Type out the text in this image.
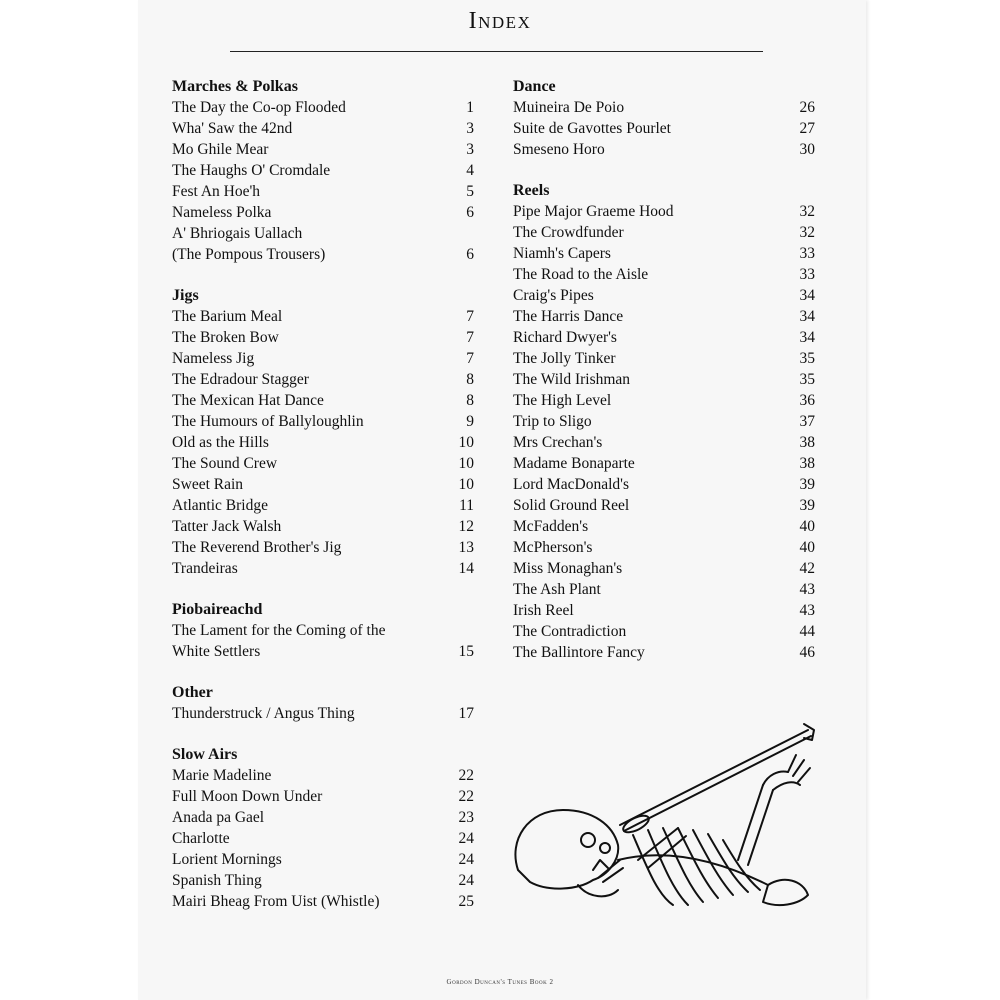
Index
Marches & Polkas
The Day the Co-op Flooded	1
Wha' Saw the 42nd	3
Mo Ghile Mear	3
The Haughs O' Cromdale	4
Fest An Hoe'h	5
Nameless Polka	6
A' Bhriogais Uallach
(The Pompous Trousers)	6
Jigs
The Barium Meal	7
The Broken Bow	7
Nameless Jig	7
The Edradour Stagger	8
The Mexican Hat Dance	8
The Humours of Ballyloughlin	9
Old as the Hills	10
The Sound Crew	10
Sweet Rain	10
Atlantic Bridge	11
Tatter Jack Walsh	12
The Reverend Brother's Jig	13
Trandeiras	14
Piobaireachd
The Lament for the Coming of the
White Settlers	15
Other
Thunderstruck / Angus Thing	17
Slow Airs
Marie Madeline	22
Full Moon Down Under	22
Anada pa Gael	23
Charlotte	24
Lorient Mornings	24
Spanish Thing	24
Mairi Bheag From Uist (Whistle)	25
Dance
Muineira De Poio	26
Suite de Gavottes Pourlet	27
Smeseno Horo	30
Reels
Pipe Major Graeme Hood	32
The Crowdfunder	32
Niamh's Capers	33
The Road to the Aisle	33
Craig's Pipes	34
The Harris Dance	34
Richard Dwyer's	34
The Jolly Tinker	35
The Wild Irishman	35
The High Level	36
Trip to Sligo	37
Mrs Crechan's	38
Madame Bonaparte	38
Lord MacDonald's	39
Solid Ground Reel	39
McFadden's	40
McPherson's	40
Miss Monaghan's	42
The Ash Plant	43
Irish Reel	43
The Contradiction	44
The Ballintore Fancy	46
Gordon Duncan's Tunes Book 2
